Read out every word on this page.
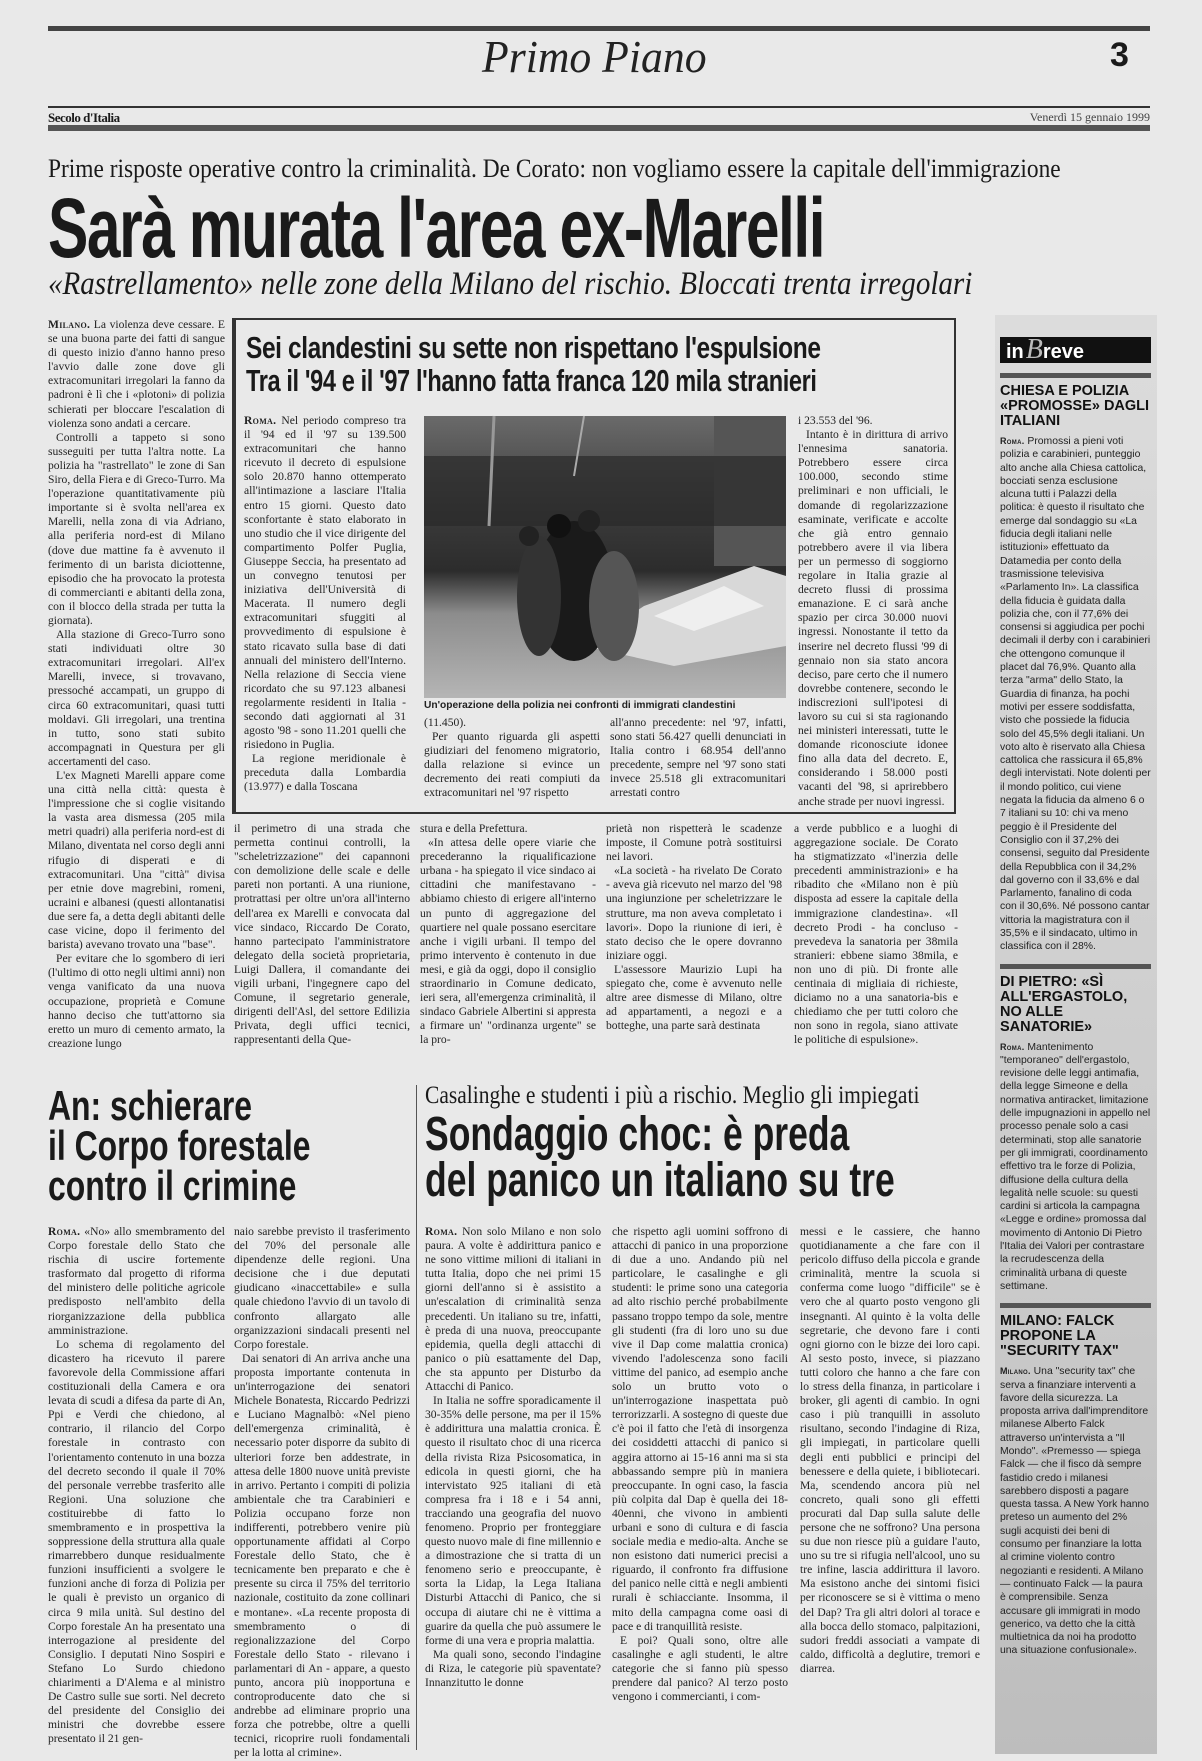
Primo Piano	3
Secolo d'Italia	Venerdì 15 gennaio 1999
Prime risposte operative contro la criminalità. De Corato: non vogliamo essere la capitale dell'immigrazione
Sarà murata l'area ex-Marelli
«Rastrellamento» nelle zone della Milano del rischio. Bloccati trenta irregolari

Milano. La violenza deve cessare. E se una buona parte dei fatti di sangue di questo inizio d'anno hanno preso l'avvio dalle zone dove gli extracomunitari irregolari la fanno da padroni è lì che i «plotoni» di polizia schierati per bloccare l'escalation di violenza sono andati a cercare.

Controlli a tappeto si sono susseguiti per tutta l'altra notte. La polizia ha "rastrellato" le zone di San Siro, della Fiera e di Greco-Turro. Ma l'operazione quantitativamente più importante si è svolta nell'area ex Marelli, nella zona di via Adriano, alla periferia nord-est di Milano (dove due mattine fa è avvenuto il ferimento di un barista diciottenne, episodio che ha provocato la protesta di commercianti e abitanti della zona, con il blocco della strada per tutta la giornata).

Alla stazione di Greco-Turro sono stati individuati oltre 30 extracomunitari irregolari. All'ex Marelli, invece, si trovavano, pressoché accampati, un gruppo di circa 60 extracomunitari, quasi tutti moldavi. Gli irregolari, una trentina in tutto, sono stati subito accompagnati in Questura per gli accertamenti del caso.

L'ex Magneti Marelli appare come una città nella città: questa è l'impressione che si coglie visitando la vasta area dismessa (205 mila metri quadri) alla periferia nord-est di Milano, diventata nel corso degli anni rifugio di disperati e di extracomunitari. Una "città" divisa per etnie dove magrebini, romeni, ucraini e albanesi (questi allontanatisi due sere fa, a detta degli abitanti delle case vicine, dopo il ferimento del barista) avevano trovato una "base".

Per evitare che lo sgombero di ieri (l'ultimo di otto negli ultimi anni) non venga vanificato da una nuova occupazione, proprietà e Comune hanno deciso che tutt'attorno sia eretto un muro di cemento armato, la creazione lungo

Sei clandestini su sette non rispettano l'espulsione
Tra il '94 e il '97 l'hanno fatta franca 120 mila stranieri

Roma. Nel periodo compreso tra il '94 ed il '97 su 139.500 extracomunitari che hanno ricevuto il decreto di espulsione solo 20.870 hanno ottemperato all'intimazione a lasciare l'Italia entro 15 giorni. Questo dato sconfortante è stato elaborato in uno studio che il vice dirigente del compartimento Polfer Puglia, Giuseppe Seccia, ha presentato ad un convegno tenutosi per iniziativa dell'Università di Macerata. Il numero degli extracomunitari sfuggiti al provvedimento di espulsione è stato ricavato sulla base di dati annuali del ministero dell'Interno. Nella relazione di Seccia viene ricordato che su 97.123 albanesi regolarmente residenti in Italia - secondo dati aggiornati al 31 agosto '98 - sono 11.201 quelli che risiedono in Puglia.

La regione meridionale è preceduta dalla Lombardia (13.977) e dalla Toscana

Un'operazione della polizia nei confronti di immigrati clandestini

(11.450).

Per quanto riguarda gli aspetti giudiziari del fenomeno migratorio, dalla relazione si evince un decremento dei reati compiuti da extracomunitari nel '97 rispetto

all'anno precedente: nel '97, infatti, sono stati 56.427 quelli denunciati in Italia contro i 68.954 dell'anno precedente, sempre nel '97 sono stati invece 25.518 gli extracomunitari arrestati contro

i 23.553 del '96.

Intanto è in dirittura di arrivo l'ennesima sanatoria. Potrebbero essere circa 100.000, secondo stime preliminari e non ufficiali, le domande di regolarizzazione esaminate, verificate e accolte che già entro gennaio potrebbero avere il via libera per un permesso di soggiorno regolare in Italia grazie al decreto flussi di prossima emanazione. E ci sarà anche spazio per circa 30.000 nuovi ingressi. Nonostante il tetto da inserire nel decreto flussi '99 di gennaio non sia stato ancora deciso, pare certo che il numero dovrebbe contenere, secondo le indiscrezioni sull'ipotesi di lavoro su cui si sta ragionando nei ministeri interessati, tutte le domande riconosciute idonee fino alla data del decreto. E, considerando i 58.000 posti vacanti del '98, si aprirebbero anche strade per nuovi ingressi.

il perimetro di una strada che permetta continui controlli, la "scheletrizzazione" dei capannoni con demolizione delle scale e delle pareti non portanti. A una riunione, protrattasi per oltre un'ora all'interno dell'area ex Marelli e convocata dal vice sindaco, Riccardo De Corato, hanno partecipato l'amministratore delegato della società proprietaria, Luigi Dallera, il comandante dei vigili urbani, l'ingegnere capo del Comune, il segretario generale, dirigenti dell'Asl, del settore Edilizia Privata, degli uffici tecnici, rappresentanti della Que-

stura e della Prefettura.

«In attesa delle opere viarie che precederanno la riqualificazione urbana - ha spiegato il vice sindaco ai cittadini che manifestavano - abbiamo chiesto di erigere all'interno un punto di aggregazione del quartiere nel quale possano esercitare anche i vigili urbani. Il tempo del primo intervento è contenuto in due mesi, e già da oggi, dopo il consiglio straordinario in Comune dedicato, ieri sera, all'emergenza criminalità, il sindaco Gabriele Albertini si appresta a firmare un' "ordinanza urgente" se la pro-

prietà non rispetterà le scadenze imposte, il Comune potrà sostituirsi nei lavori.

«La società - ha rivelato De Corato - aveva già ricevuto nel marzo del '98 una ingiunzione per scheletrizzare le strutture, ma non aveva completato i lavori». Dopo la riunione di ieri, è stato deciso che le opere dovranno iniziare oggi.

L'assessore Maurizio Lupi ha spiegato che, come è avvenuto nelle altre aree dismesse di Milano, oltre ad appartamenti, a negozi e a botteghe, una parte sarà destinata

a verde pubblico e a luoghi di aggregazione sociale. De Corato ha stigmatizzato «l'inerzia delle precedenti amministrazioni» e ha ribadito che «Milano non è più disposta ad essere la capitale della immigrazione clandestina». «Il decreto Prodi - ha concluso - prevedeva la sanatoria per 38mila stranieri: ebbene siamo 38mila, e non uno di più. Di fronte alle centinaia di migliaia di richieste, diciamo no a una sanatoria-bis e chiediamo che per tutti coloro che non sono in regola, siano attivate le politiche di espulsione».

An: schierare
il Corpo forestale
contro il crimine

Roma. «No» allo smembramento del Corpo forestale dello Stato che rischia di uscire fortemente trasformato dal progetto di riforma del ministero delle politiche agricole predisposto nell'ambito della riorganizzazione della pubblica amministrazione.

Lo schema di regolamento del dicastero ha ricevuto il parere favorevole della Commissione affari costituzionali della Camera e ora levata di scudi a difesa da parte di An, Ppi e Verdi che chiedono, al contrario, il rilancio del Corpo forestale in contrasto con l'orientamento contenuto in una bozza del decreto secondo il quale il 70% del personale verrebbe trasferito alle Regioni. Una soluzione che costituirebbe di fatto lo smembramento e in prospettiva la soppressione della struttura alla quale rimarrebbero dunque residualmente funzioni insufficienti a svolgere le funzioni anche di forza di Polizia per le quali è previsto un organico di circa 9 mila unità. Sul destino del Corpo forestale An ha presentato una interrogazione al presidente del Consiglio. I deputati Nino Sospiri e Stefano Lo Surdo chiedono chiarimenti a D'Alema e al ministro De Castro sulle sue sorti. Nel decreto del presidente del Consiglio dei ministri che dovrebbe essere presentato il 21 gen-

naio sarebbe previsto il trasferimento del 70% del personale alle dipendenze delle regioni. Una decisione che i due deputati giudicano «inaccettabile» e sulla quale chiedono l'avvio di un tavolo di confronto allargato alle organizzazioni sindacali presenti nel Corpo forestale.

Dai senatori di An arriva anche una proposta importante contenuta in un'interrogazione dei senatori Michele Bonatesta, Riccardo Pedrizzi e Luciano Magnalbò: «Nel pieno dell'emergenza criminalità, è necessario poter disporre da subito di ulteriori forze ben addestrate, in attesa delle 1800 nuove unità previste in arrivo. Pertanto i compiti di polizia ambientale che tra Carabinieri e Polizia occupano forze non indifferenti, potrebbero venire più opportunamente affidati al Corpo Forestale dello Stato, che è tecnicamente ben preparato e che è presente su circa il 75% del territorio nazionale, costituito da zone collinari e montane». «La recente proposta di smembramento o di regionalizzazione del Corpo Forestale dello Stato - rilevano i parlamentari di An - appare, a questo punto, ancora più inopportuna e controproducente dato che si andrebbe ad eliminare proprio una forza che potrebbe, oltre a quelli tecnici, ricoprire ruoli fondamentali per la lotta al crimine».

Casalinghe e studenti i più a rischio. Meglio gli impiegati
Sondaggio choc: è preda
del panico un italiano su tre

Roma. Non solo Milano e non solo paura. A volte è addirittura panico e ne sono vittime milioni di italiani in tutta Italia, dopo che nei primi 15 giorni dell'anno si è assistito a un'escalation di criminalità senza precedenti. Un italiano su tre, infatti, è preda di una nuova, preoccupante epidemia, quella degli attacchi di panico o più esattamente del Dap, che sta appunto per Disturbo da Attacchi di Panico.

In Italia ne soffre sporadicamente il 30-35% delle persone, ma per il 15% è addirittura una malattia cronica. È questo il risultato choc di una ricerca della rivista Riza Psicosomatica, in edicola in questi giorni, che ha intervistato 925 italiani di età compresa fra i 18 e i 54 anni, tracciando una geografia del nuovo fenomeno. Proprio per fronteggiare questo nuovo male di fine millennio e a dimostrazione che si tratta di un fenomeno serio e preoccupante, è sorta la Lidap, la Lega Italiana Disturbi Attacchi di Panico, che si occupa di aiutare chi ne è vittima a guarire da quella che può assumere le forme di una vera e propria malattia.

Ma quali sono, secondo l'indagine di Riza, le categorie più spaventate? Innanzitutto le donne

che rispetto agli uomini soffrono di attacchi di panico in una proporzione di due a uno. Andando più nel particolare, le casalinghe e gli studenti: le prime sono una categoria ad alto rischio perché probabilmente passano troppo tempo da sole, mentre gli studenti (fra di loro uno su due vive il Dap come malattia cronica) vivendo l'adolescenza sono facili vittime del panico, ad esempio anche solo un brutto voto o un'interrogazione inaspettata può terrorizzarli. A sostegno di queste due c'è poi il fatto che l'età di insorgenza dei cosiddetti attacchi di panico si aggira attorno ai 15-16 anni ma si sta abbassando sempre più in maniera preoccupante. In ogni caso, la fascia più colpita dal Dap è quella dei 18-40enni, che vivono in ambienti urbani e sono di cultura e di fascia sociale media e medio-alta. Anche se non esistono dati numerici precisi a riguardo, il confronto fra diffusione del panico nelle città e negli ambienti rurali è schiacciante. Insomma, il mito della campagna come oasi di pace e di tranquillità resiste.

E poi? Quali sono, oltre alle casalinghe e agli studenti, le altre categorie che si fanno più spesso prendere dal panico? Al terzo posto vengono i commercianti, i com-

messi e le cassiere, che hanno quotidianamente a che fare con il pericolo diffuso della piccola e grande criminalità, mentre la scuola si conferma come luogo "difficile" se è vero che al quarto posto vengono gli insegnanti. Al quinto è la volta delle segretarie, che devono fare i conti ogni giorno con le bizze dei loro capi. Al sesto posto, invece, si piazzano tutti coloro che hanno a che fare con lo stress della finanza, in particolare i broker, gli agenti di cambio. In ogni caso i più tranquilli in assoluto risultano, secondo l'indagine di Riza, gli impiegati, in particolare quelli degli enti pubblici e principi del benessere e della quiete, i bibliotecari. Ma, scendendo ancora più nel concreto, quali sono gli effetti procurati dal Dap sulla salute delle persone che ne soffrono? Una persona su due non riesce più a guidare l'auto, uno su tre si rifugia nell'alcool, uno su tre infine, lascia addirittura il lavoro. Ma esistono anche dei sintomi fisici per riconoscere se si è vittima o meno del Dap? Tra gli altri dolori al torace e alla bocca dello stomaco, palpitazioni, sudori freddi associati a vampate di caldo, difficoltà a deglutire, tremori e diarrea.

in Breve
CHIESA E POLIZIA «PROMOSSE» DAGLI ITALIANI

Roma. Promossi a pieni voti polizia e carabinieri, punteggio alto anche alla Chiesa cattolica, bocciati senza esclusione alcuna tutti i Palazzi della politica: è questo il risultato che emerge dal sondaggio su «La fiducia degli italiani nelle istituzioni» effettuato da Datamedia per conto della trasmissione televisiva «Parlamento In». La classifica della fiducia è guidata dalla polizia che, con il 77,6% dei consensi si aggiudica per pochi decimali il derby con i carabinieri che ottengono comunque il placet dal 76,9%. Quanto alla terza "arma" dello Stato, la Guardia di finanza, ha pochi motivi per essere soddisfatta, visto che possiede la fiducia solo del 45,5% degli italiani. Un voto alto è riservato alla Chiesa cattolica che rassicura il 65,8% degli intervistati. Note dolenti per il mondo politico, cui viene negata la fiducia da almeno 6 o 7 italiani su 10: chi va meno peggio è il Presidente del Consiglio con il 37,2% dei consensi, seguito dal Presidente della Repubblica con il 34,2% dal governo con il 33,6% e dal Parlamento, fanalino di coda con il 30,6%. Né possono cantar vittoria la magistratura con il 35,5% e il sindacato, ultimo in classifica con il 28%.

DI PIETRO: «SÌ ALL'ERGASTOLO, NO ALLE SANATORIE»

Roma. Mantenimento "temporaneo" dell'ergastolo, revisione delle leggi antimafia, della legge Simeone e della normativa antiracket, limitazione delle impugnazioni in appello nel processo penale solo a casi determinati, stop alle sanatorie per gli immigrati, coordinamento effettivo tra le forze di Polizia, diffusione della cultura della legalità nelle scuole: su questi cardini si articola la campagna «Legge e ordine» promossa dal movimento di Antonio Di Pietro l'Italia dei Valori per contrastare la recrudescenza della criminalità urbana di queste settimane.

MILANO: FALCK PROPONE LA "SECURITY TAX"

Milano. Una "security tax" che serva a finanziare interventi a favore della sicurezza. La proposta arriva dall'imprenditore milanese Alberto Falck attraverso un'intervista a "Il Mondo". «Premesso — spiega Falck — che il fisco dà sempre fastidio credo i milanesi sarebbero disposti a pagare questa tassa. A New York hanno preteso un aumento del 2% sugli acquisti dei beni di consumo per finanziare la lotta al crimine violento contro negozianti e residenti. A Milano — continuato Falck — la paura è comprensibile. Senza accusare gli immigrati in modo generico, va detto che la città multietnica da noi ha prodotto una situazione confusionale».
